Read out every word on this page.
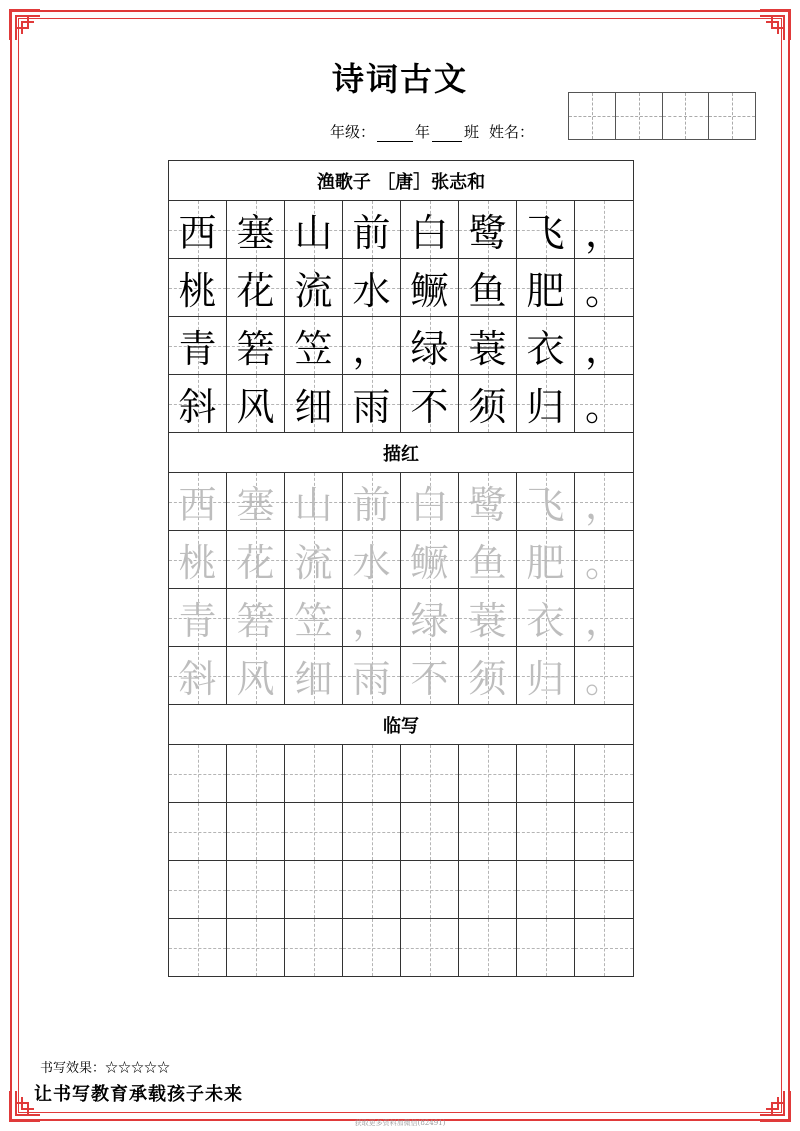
诗词古文
年级：	年 班 姓名：
渔歌子 ［唐］张志和
西 塞 山 前 白 鹭 飞 ，
桃 花 流 水 鳜 鱼 肥 。
青 箬 笠 ， 绿 蓑 衣 ，
斜 风 细 雨 不 须 归 。
描红
西 塞 山 前 白 鹭 飞 ，
桃 花 流 水 鳜 鱼 肥 。
青 箬 笠 ， 绿 蓑 衣 ，
斜 风 细 雨 不 须 归 。
临写
书写效果：☆☆☆☆☆
让书写教育承载孩子未来
获取更多资料加微信(82491)
